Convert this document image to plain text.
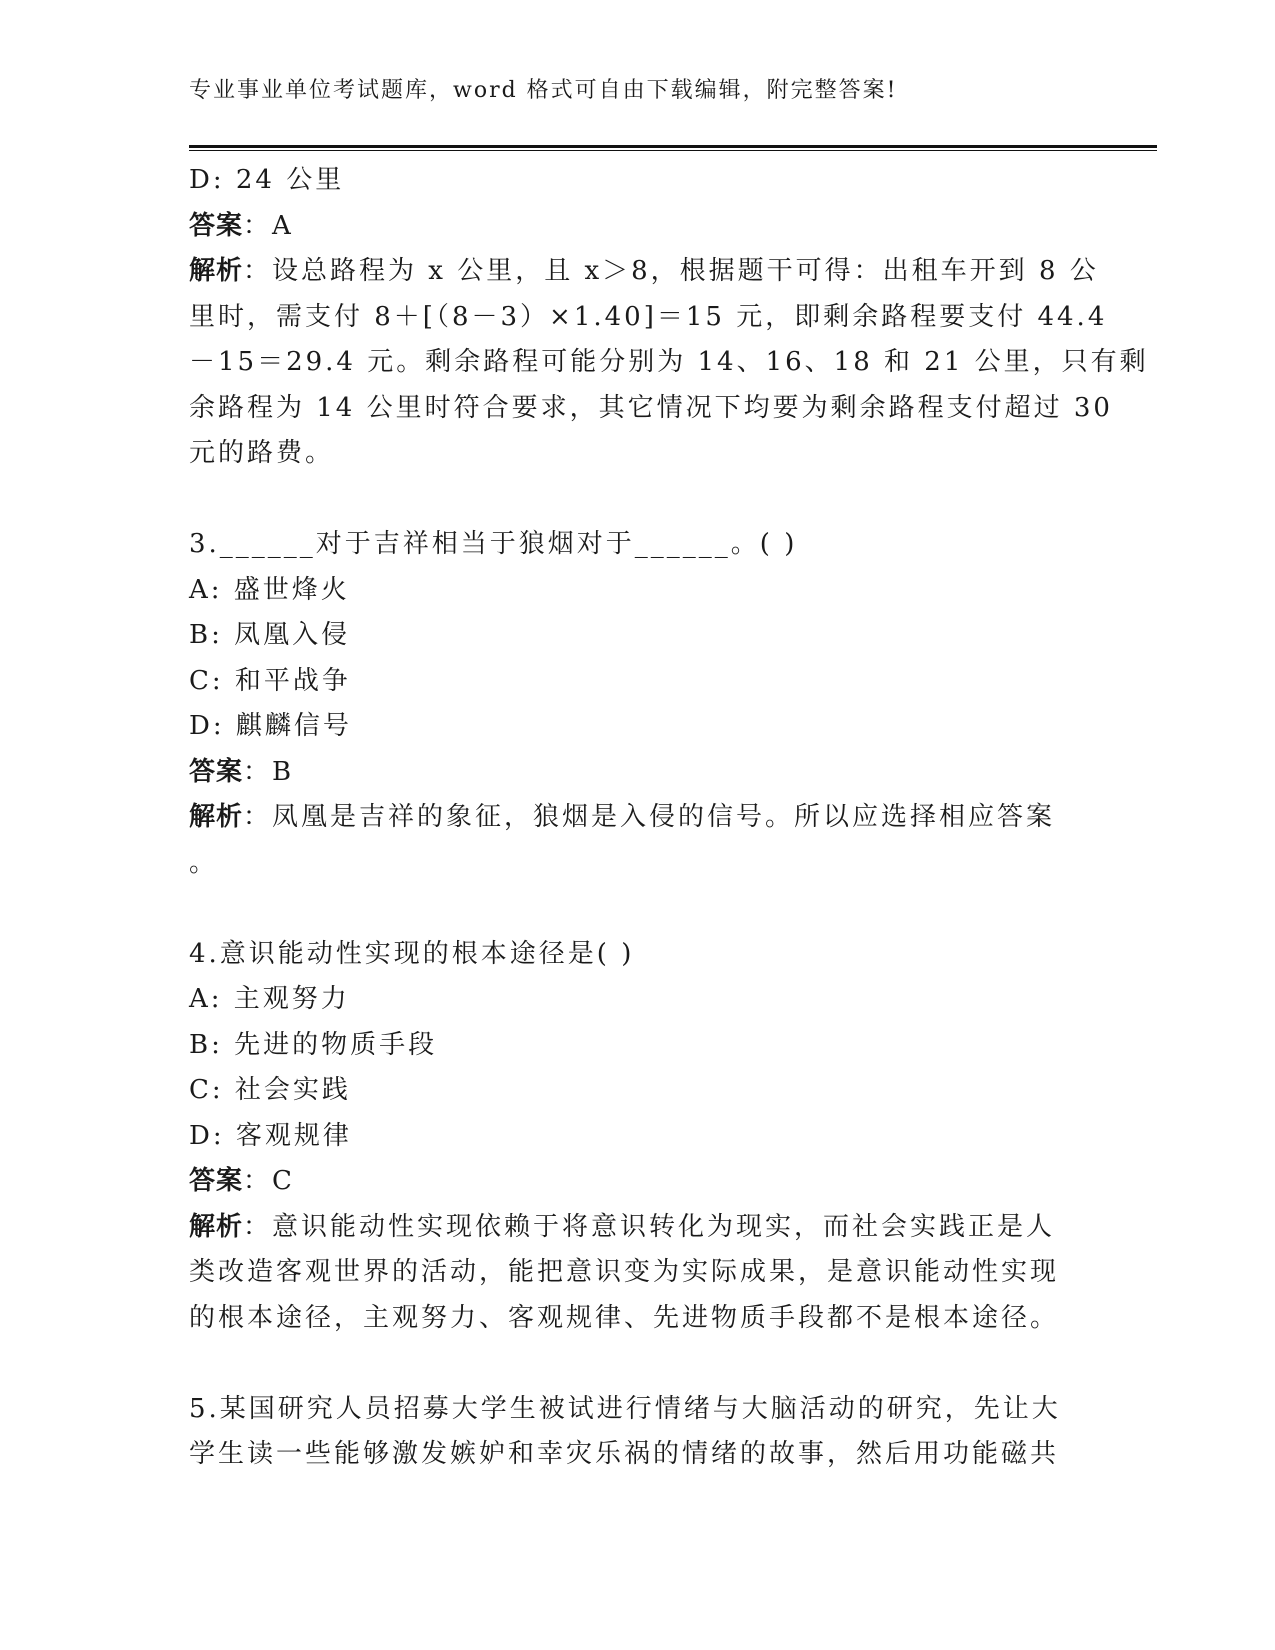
专业事业单位考试题库，word 格式可自由下载编辑，附完整答案!
D: 24 公里
答案：A
解析：设总路程为 x 公里，且 x＞8，根据题干可得：出租车开到 8 公
里时，需支付 8＋[（8－3）×1.40]＝15 元，即剩余路程要支付 44.4
－15＝29.4 元。剩余路程可能分别为 14、16、18 和 21 公里，只有剩
余路程为 14 公里时符合要求，其它情况下均要为剩余路程支付超过 30
元的路费。
3.______对于吉祥相当于狼烟对于______。( )
A: 盛世烽火
B: 凤凰入侵
C: 和平战争
D: 麒麟信号
答案：B
解析：凤凰是吉祥的象征，狼烟是入侵的信号。所以应选择相应答案
。
4.意识能动性实现的根本途径是( )
A: 主观努力
B: 先进的物质手段
C: 社会实践
D: 客观规律
答案：C
解析：意识能动性实现依赖于将意识转化为现实，而社会实践正是人
类改造客观世界的活动，能把意识变为实际成果，是意识能动性实现
的根本途径，主观努力、客观规律、先进物质手段都不是根本途径。
5.某国研究人员招募大学生被试进行情绪与大脑活动的研究，先让大
学生读一些能够激发嫉妒和幸灾乐祸的情绪的故事，然后用功能磁共
